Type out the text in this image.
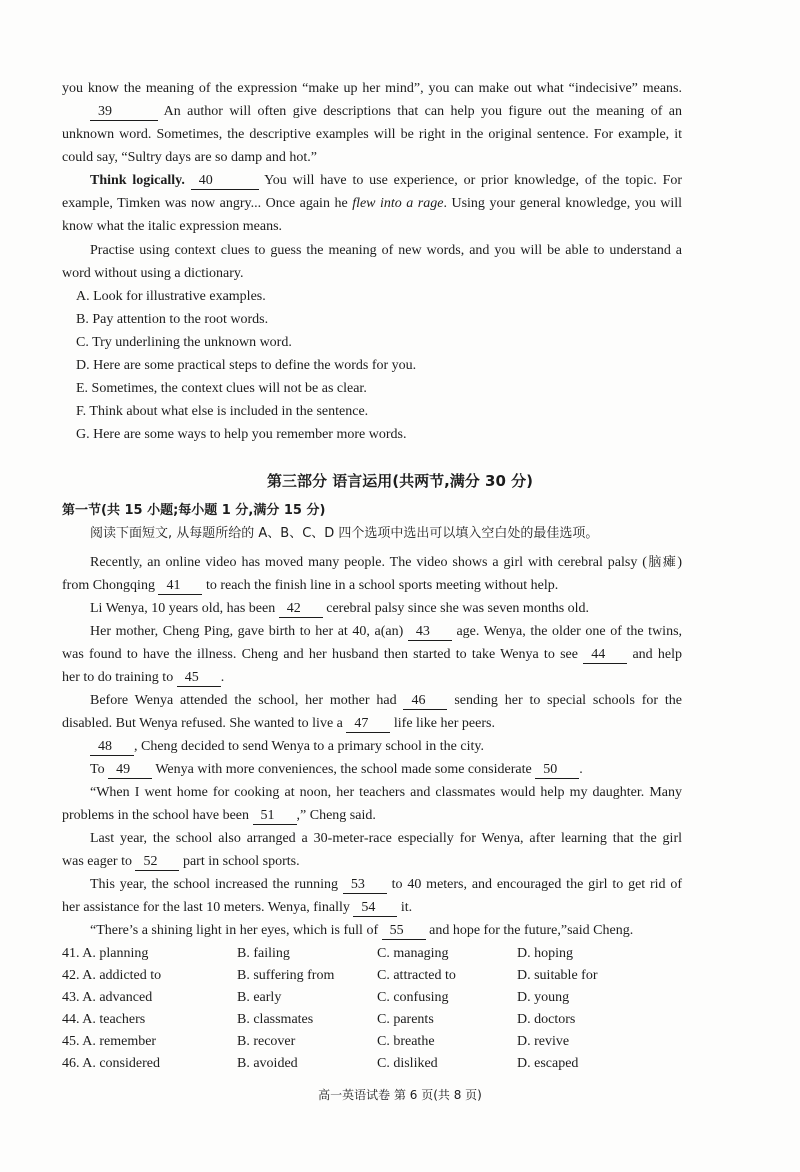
you know the meaning of the expression “make up her mind”, you can make out what “indecisive” means.
39	An author will often give descriptions that can help you figure out the meaning of an
unknown word. Sometimes, the descriptive examples will be right in the original sentence. For example, it
could say, “Sultry days are so damp and hot.”
Think logically. 40	You will have to use experience, or prior knowledge, of the topic. For
example, Timken was now angry... Once again he flew into a rage. Using your general knowledge, you will
know what the italic expression means.
Practise using context clues to guess the meaning of new words, and you will be able to understand a
word without using a dictionary.
A. Look for illustrative examples.
B. Pay attention to the root words.
C. Try underlining the unknown word.
D. Here are some practical steps to define the words for you.
E. Sometimes, the context clues will not be as clear.
F. Think about what else is included in the sentence.
G. Here are some ways to help you remember more words.
第三部分 语言运用(共两节,满分 30 分)
第一节(共 15 小题;每小题 1 分,满分 15 分)
阅读下面短文, 从每题所给的 A、B、C、D 四个选项中选出可以填入空白处的最佳选项。
Recently, an online video has moved many people. The video shows a girl with cerebral palsy (脑瘫)
from Chongqing 41 to reach the finish line in a school sports meeting without help.
Li Wenya, 10 years old, has been 42 cerebral palsy since she was seven months old.
Her mother, Cheng Ping, gave birth to her at 40, a(an) 43 age. Wenya, the older one of the twins,
was found to have the illness. Cheng and her husband then started to take Wenya to see 44 and help
her to do training to 45 .
Before Wenya attended the school, her mother had 46 sending her to special schools for the
disabled. But Wenya refused. She wanted to live a 47 life like her peers.
48 , Cheng decided to send Wenya to a primary school in the city.
To 49 Wenya with more conveniences, the school made some considerate 50 .
“When I went home for cooking at noon, her teachers and classmates would help my daughter. Many
problems in the school have been 51 ,” Cheng said.
Last year, the school also arranged a 30-meter-race especially for Wenya, after learning that the girl
was eager to 52 part in school sports.
This year, the school increased the running 53 to 40 meters, and encouraged the girl to get rid of
her assistance for the last 10 meters. Wenya, finally 54 it.
“There’s a shining light in her eyes, which is full of 55 and hope for the future,”said Cheng.
41. A. planning	B. failing	C. managing	D. hoping
42. A. addicted to	B. suffering from	C. attracted to	D. suitable for
43. A. advanced	B. early	C. confusing	D. young
44. A. teachers	B. classmates	C. parents	D. doctors
45. A. remember	B. recover	C. breathe	D. revive
46. A. considered	B. avoided	C. disliked	D. escaped
高一英语试卷 第 6 页(共 8 页)
